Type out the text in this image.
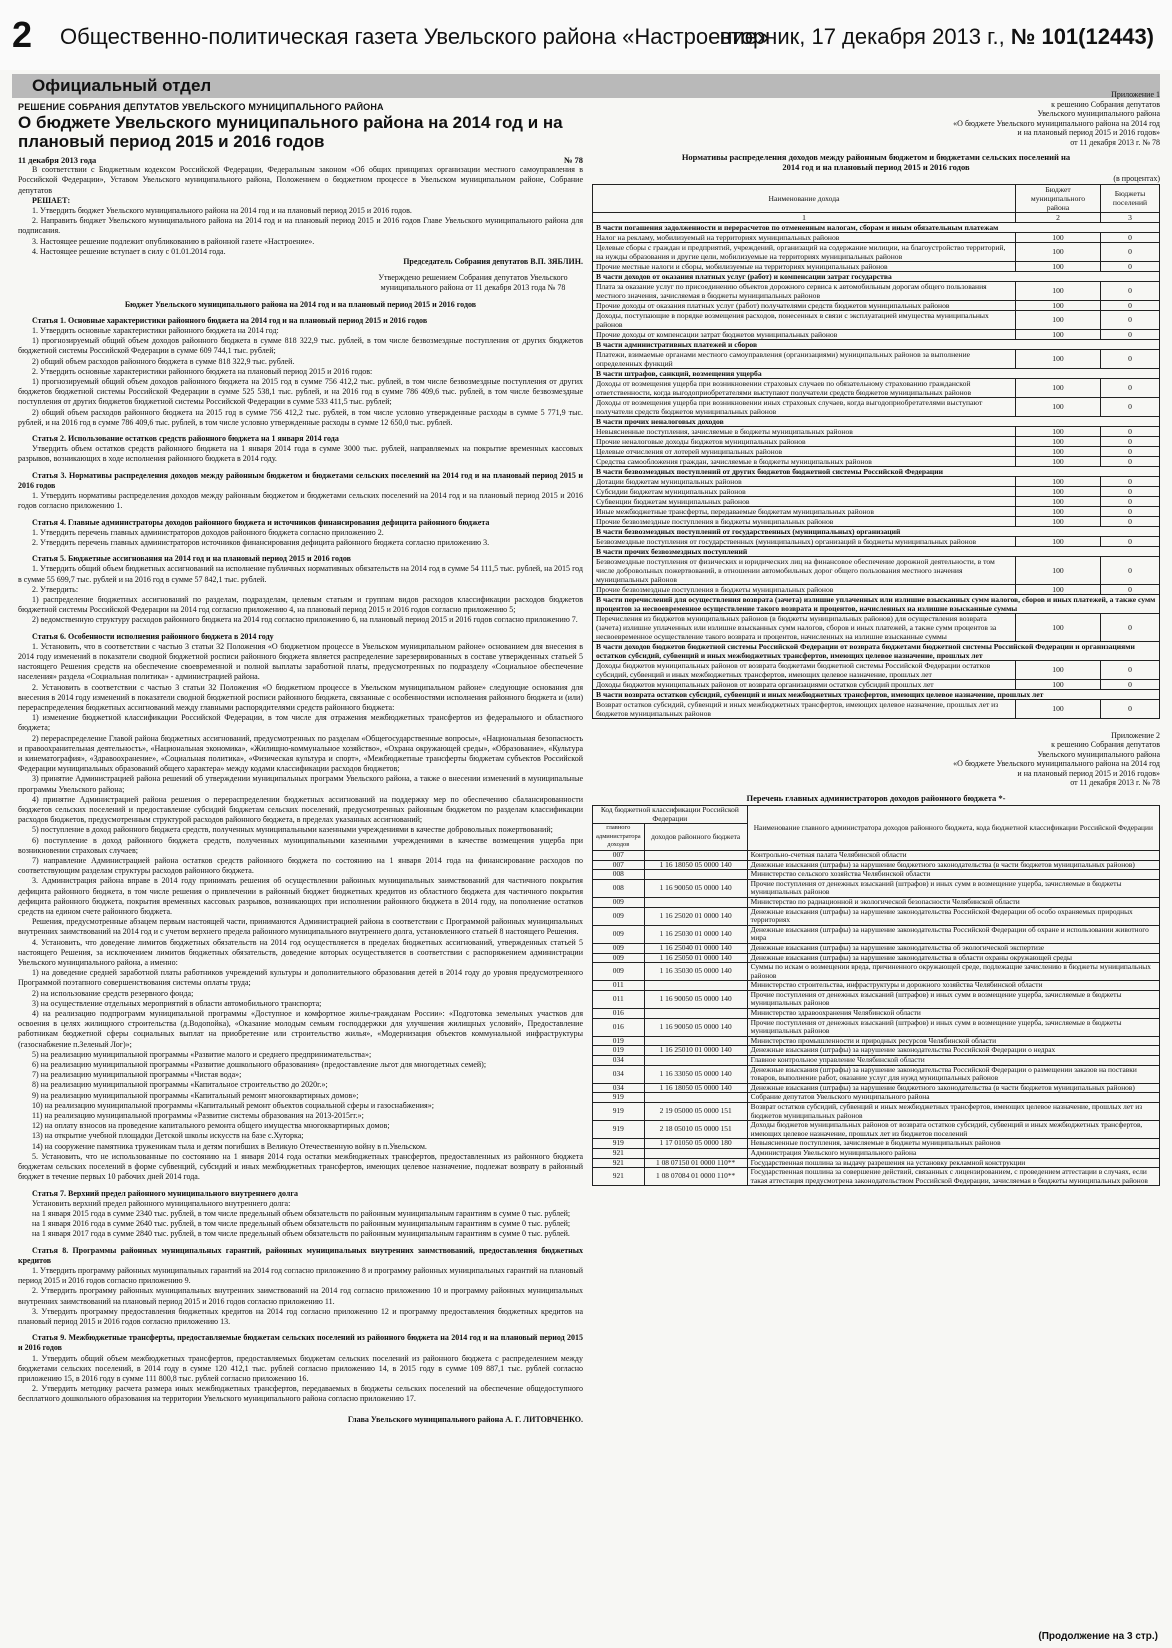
2 Общественно-политическая газета Увельского района «Настроение»
вторник, 17 декабря 2013 г., № 101(12443)
Официальный отдел
РЕШЕНИЕ СОБРАНИЯ ДЕПУТАТОВ УВЕЛЬСКОГО МУНИЦИПАЛЬНОГО РАЙОНА
О бюджете Увельского муниципального района на 2014 год и на плановый период 2015 и 2016 годов
11 декабря 2013 года	№ 78

В соответствии с Бюджетным кодексом Российской Федерации, Федеральным законом «Об общих принципах организации местного самоуправления в Российской Федерации», Уставом Увельского муниципального района, Положением о бюджетном процессе в Увельском муниципальном районе, Собрание депутатов

РЕШАЕТ:

1. Утвердить бюджет Увельского муниципального района на 2014 год и на плановый период 2015 и 2016 годов.

2. Направить бюджет Увельского муниципального района на 2014 год и на плановый период 2015 и 2016 годов Главе Увельского муниципального района для подписания.

3. Настоящее решение подлежит опубликованию в районной газете «Настроение».

4. Настоящее решение вступает в силу с 01.01.2014 года.

Председатель Собрания депутатов В.П. ЗЯБЛИН.
Утверждено решением Собрания депутатов Увельского муниципального района от 11 декабря 2013 года № 78
Бюджет Увельского муниципального района на 2014 год и на плановый период 2015 и 2016 годов

Статья 1. Основные характеристики районного бюджета на 2014 год и на плановый период 2015 и 2016 годов

1. Утвердить основные характеристики районного бюджета на 2014 год:

1) прогнозируемый общий объем доходов районного бюджета в сумме 818 322,9 тыс. рублей, в том числе безвозмездные поступления от других бюджетов бюджетной системы Российской Федерации в сумме 609 744,1 тыс. рублей;

2) общий объем расходов районного бюджета в сумме 818 322,9 тыс. рублей.

2. Утвердить основные характеристики районного бюджета на плановый период 2015 и 2016 годов:

1) прогнозируемый общий объем доходов районного бюджета на 2015 год в сумме 756 412,2 тыс. рублей, в том числе безвозмездные поступления от других бюджетов бюджетной системы Российской Федерации в сумме 525 538,1 тыс. рублей, и на 2016 год в сумме 786 409,6 тыс. рублей, в том числе безвозмездные поступления от других бюджетов бюджетной системы Российской Федерации в сумме 533 411,5 тыс. рублей;

2) общий объем расходов районного бюджета на 2015 год в сумме 756 412,2 тыс. рублей, в том числе условно утвержденные расходы в сумме 5 771,9 тыс. рублей, и на 2016 год в сумме 786 409,6 тыс. рублей, в том числе условно утвержденные расходы в сумме 12 650,0 тыс. рублей.

Статья 2. Использование остатков средств районного бюджета на 1 января 2014 года

Утвердить объем остатков средств районного бюджета на 1 января 2014 года в сумме 3000 тыс. рублей, направляемых на покрытие временных кассовых разрывов, возникающих в ходе исполнения районного бюджета в 2014 году.

Статья 3. Нормативы распределения доходов между районным бюджетом и бюджетами сельских поселений на 2014 год и на плановый период 2015 и 2016 годов

1. Утвердить нормативы распределения доходов между районным бюджетом и бюджетами сельских поселений на 2014 год и на плановый период 2015 и 2016 годов согласно приложению 1.

Статья 4. Главные администраторы доходов районного бюджета и источников финансирования дефицита районного бюджета

1. Утвердить перечень главных администраторов доходов районного бюджета согласно приложению 2.

2. Утвердить перечень главных администраторов источников финансирования дефицита районного бюджета согласно приложению 3.

Статья 5. Бюджетные ассигнования на 2014 год и на плановый период 2015 и 2016 годов

1. Утвердить общий объем бюджетных ассигнований на исполнение публичных нормативных обязательств на 2014 год в сумме 54 111,5 тыс. рублей, на 2015 год в сумме 55 699,7 тыс. рублей и на 2016 год в сумме 57 842,1 тыс. рублей.

2. Утвердить:

1) распределение бюджетных ассигнований по разделам, подразделам, целевым статьям и группам видов расходов классификации расходов бюджетов бюджетной системы Российской Федерации на 2014 год согласно приложению 4, на плановый период 2015 и 2016 годов согласно приложению 5;

2) ведомственную структуру расходов районного бюджета на 2014 год согласно приложению 6, на плановый период 2015 и 2016 годов согласно приложению 7.

Статья 6. Особенности исполнения районного бюджета в 2014 году

1. Установить, что в соответствии с частью 3 статьи 32 Положения «О бюджетном процессе в Увельском муниципальном районе» основанием для внесения в 2014 году изменений в показатели сводной бюджетной росписи районного бюджета является распределение зарезервированных в составе утвержденных статьей 5 настоящего Решения средств на обеспечение своевременной и полной выплаты заработной платы, предусмотренных по подразделу «Социальное обеспечение населения» раздела «Социальная политика» - администрацией района.

2. Установить в соответствии с частью 3 статьи 32 Положения «О бюджетном процессе в Увельском муниципальном районе» следующие основания для внесения в 2014 году изменений в показатели сводной бюджетной росписи районного бюджета, связанные с особенностями исполнения районного бюджета и (или) перераспределения бюджетных ассигнований между главными распорядителями средств районного бюджета:

1) изменение бюджетной классификации Российской Федерации, в том числе для отражения межбюджетных трансфертов из федерального и областного бюджета;

2) перераспределение Главой района бюджетных ассигнований, предусмотренных по разделам «Общегосударственные вопросы», «Национальная безопасность и правоохранительная деятельность», «Национальная экономика», «Жилищно-коммунальное хозяйство», «Охрана окружающей среды», «Образование», «Культура и кинематография», «Здравоохранение», «Социальная политика», «Физическая культура и спорт», «Межбюджетные трансферты бюджетам субъектов Российской Федерации муниципальных образований общего характера» между кодами классификации расходов бюджетов;

3) принятие Администрацией района решений об утверждении муниципальных программ Увельского района, а также о внесении изменений в муниципальные программы Увельского района;

4) принятие Администрацией района решения о перераспределении бюджетных ассигнований на поддержку мер по обеспечению сбалансированности бюджетов сельских поселений и предоставление субсидий бюджетам сельских поселений, предусмотренных районным бюджетом по разделам классификации расходов бюджетов, предусмотренным структурой расходов районного бюджета, в пределах указанных ассигнований;

5) поступление в доход районного бюджета средств, полученных муниципальными казенными учреждениями в качестве добровольных пожертвований;

6) поступление в доход районного бюджета средств, полученных муниципальными казенными учреждениями в качестве возмещения ущерба при возникновении страховых случаев;

7) направление Администрацией района остатков средств районного бюджета по состоянию на 1 января 2014 года на финансирование расходов по соответствующим разделам структуры расходов районного бюджета.

3. Администрация района вправе в 2014 году принимать решения об осуществлении районных муниципальных заимствований для частичного покрытия дефицита районного бюджета, в том числе решения о привлечении в районный бюджет бюджетных кредитов из областного бюджета для частичного покрытия дефицита районного бюджета, покрытия временных кассовых разрывов, возникающих при исполнении районного бюджета в 2014 году, на пополнение остатков средств на едином счете районного бюджета.

Решения, предусмотренные абзацем первым настоящей части, принимаются Администрацией района в соответствии с Программой районных муниципальных внутренних заимствований на 2014 год и с учетом верхнего предела районного муниципального внутреннего долга, установленного статьей 8 настоящего Решения.

4. Установить, что доведение лимитов бюджетных обязательств на 2014 год осуществляется в пределах бюджетных ассигнований, утвержденных статьей 5 настоящего Решения, за исключением лимитов бюджетных обязательств, доведение которых осуществляется в соответствии с распоряжением администрации Увельского муниципального района, а именно:

1) на доведение средней заработной платы работников учреждений культуры и дополнительного образования детей в 2014 году до уровня предусмотренного Программой поэтапного совершенствования системы оплаты труда;

2) на использование средств резервного фонда;

3) на осуществление отдельных мероприятий в области автомобильного транспорта;

4) на реализацию подпрограмм муниципальной программы «Доступное и комфортное жилье-гражданам России»: «Подготовка земельных участков для освоения в целях жилищного строительства (д.Водопойка), «Оказание молодым семьям господдержки для улучшения жилищных условий», Предоставление работникам бюджетной сферы социальных выплат на приобретение или строительство жилья», «Модернизация объектов коммунальной инфраструктуры (газоснабжение п.Зеленый Лог)»;

5) на реализацию муниципальной программы «Развитие малого и среднего предпринимательства»;

6) на реализацию муниципальной программы «Развитие дошкольного образования» (предоставление льгот для многодетных семей);

7) на реализацию муниципальной программы «Чистая вода»;

8) на реализацию муниципальной программы «Капитальное строительство до 2020г.»;

9) на реализацию муниципальной программы «Капитальный ремонт многоквартирных домов»;

10) на реализацию муниципальной программы «Капитальный ремонт объектов социальной сферы и газоснабжения»;

11) на реализацию муниципальной программы «Развитие системы образования на 2013-2015гг.»;

12) на оплату взносов на проведение капитального ремонта общего имущества многоквартирных домов;

13) на открытие учебной площадки Детской школы искусств на базе с.Хуторка;

14) на сооружение памятника труженикам тыла и детям погибших в Великую Отечественную войну в п.Увельском.

5. Установить, что не использованные по состоянию на 1 января 2014 года остатки межбюджетных трансфертов, предоставленных из районного бюджета бюджетам сельских поселений в форме субвенций, субсидий и иных межбюджетных трансфертов, имеющих целевое назначение, подлежат возврату в районный бюджет в течение первых 10 рабочих дней 2014 года.

Статья 7. Верхний предел районного муниципального внутреннего долга

Установить верхний предел районного муниципального внутреннего долга:

на 1 января 2015 года в сумме 2340 тыс. рублей, в том числе предельный объем обязательств по районным муниципальным гарантиям в сумме 0 тыс. рублей;

на 1 января 2016 года в сумме 2640 тыс. рублей, в том числе предельный объем обязательств по районным муниципальным гарантиям в сумме 0 тыс. рублей;

на 1 января 2017 года в сумме 2840 тыс. рублей, в том числе предельный объем обязательств по районным муниципальным гарантиям в сумме 0 тыс. рублей.

Статья 8. Программы районных муниципальных гарантий, районных муниципальных внутренних заимствований, предоставления бюджетных кредитов

1. Утвердить программу районных муниципальных гарантий на 2014 год согласно приложению 8 и программу районных муниципальных гарантий на плановый период 2015 и 2016 годов согласно приложению 9.

2. Утвердить программу районных муниципальных внутренних заимствований на 2014 год согласно приложению 10 и программу районных муниципальных внутренних заимствований на плановый период 2015 и 2016 годов согласно приложению 11.

3. Утвердить программу предоставления бюджетных кредитов на 2014 год согласно приложению 12 и программу предоставления бюджетных кредитов на плановый период 2015 и 2016 годов согласно приложению 13.

Статья 9. Межбюджетные трансферты, предоставляемые бюджетам сельских поселений из районного бюджета на 2014 год и на плановый период 2015 и 2016 годов

1. Утвердить общий объем межбюджетных трансфертов, предоставляемых бюджетам сельских поселений из районного бюджета с распределением между бюджетами сельских поселений, в 2014 году в сумме 120 412,1 тыс. рублей согласно приложению 14, в 2015 году в сумме 109 887,1 тыс. рублей согласно приложению 15, в 2016 году в сумме 111 800,8 тыс. рублей согласно приложению 16.

2. Утвердить методику расчета размера иных межбюджетных трансфертов, передаваемых в бюджеты сельских поселений на обеспечение общедоступного бесплатного дошкольного образования на территории Увельского муниципального района согласно приложению 17.

Глава Увельского муниципального района А. Г. ЛИТОВЧЕНКО.
Приложение 1
к решению Собрания депутатов
Увельского муниципального района
«О бюджете Увельского муниципального района на 2014 год
и на плановый период 2015 и 2016 годов»
от 11 декабря 2013 г. № 78
Нормативы распределения доходов между районным бюджетом и бюджетами сельских поселений на 2014 год и на плановый период 2015 и 2016 годов
(в процентах)
Наименование дохода	Бюджет муниципального района	Бюджеты поселений
1	2	3
В части погашения задолженности и перерасчетов по отмененным налогам, сборам и иным обязательным платежам		
Налог на рекламу, мобилизуемый на территориях муниципальных районов	100	0
Целевые сборы с граждан и предприятий, учреждений, организаций на содержание милиции, на благоустройство территорий, на нужды образования и другие цели, мобилизуемые на территориях муниципальных районов	100	0
Прочие местные налоги и сборы, мобилизуемые на территориях муниципальных районов	100	0
В части доходов от оказания платных услуг (работ) и компенсации затрат государства		
Плата за оказание услуг по присоединению объектов дорожного сервиса к автомобильным дорогам общего пользования местного значения, зачисляемая в бюджеты муниципальных районов	100	0
Прочие доходы от оказания платных услуг (работ) получателями средств бюджетов муниципальных районов	100	0
Доходы, поступающие в порядке возмещения расходов, понесенных в связи с эксплуатацией имущества муниципальных районов	100	0
Прочие доходы от компенсации затрат бюджетов муниципальных районов	100	0
В части административных платежей и сборов		
Платежи, взимаемые органами местного самоуправления (организациями) муниципальных районов за выполнение определенных функций	100	0
В части штрафов, санкций, возмещения ущерба		
Доходы от возмещения ущерба при возникновении страховых случаев по обязательному страхованию гражданской ответственности, когда выгодоприобретателями выступают получатели средств бюджетов муниципальных районов	100	0
Доходы от возмещения ущерба при возникновении иных страховых случаев, когда выгодоприобретателями выступают получатели средств бюджетов муниципальных районов	100	0
В части прочих неналоговых доходов		
Невыясненные поступления, зачисляемые в бюджеты муниципальных районов	100	0
Прочие неналоговые доходы бюджетов муниципальных районов	100	0
Целевые отчисления от лотерей муниципальных районов	100	0
Средства самообложения граждан, зачисляемые в бюджеты муниципальных районов	100	0
В части безвозмездных поступлений от других бюджетов бюджетной системы Российской Федерации		
Дотации бюджетам муниципальных районов	100	0
Субсидии бюджетам муниципальных районов	100	0
Субвенции бюджетам муниципальных районов	100	0
Иные межбюджетные трансферты, передаваемые бюджетам муниципальных районов	100	0
Прочие безвозмездные поступления в бюджеты муниципальных районов	100	0
В части безвозмездных поступлений от государственных (муниципальных) организаций		
Безвозмездные поступления от государственных (муниципальных) организаций в бюджеты муниципальных районов	100	0
В части прочих безвозмездных поступлений		
Безвозмездные поступления от физических и юридических лиц на финансовое обеспечение дорожной деятельности, в том числе добровольных пожертвований, в отношении автомобильных дорог общего пользования местного значения муниципальных районов	100	0
Прочие безвозмездные поступления в бюджеты муниципальных районов	100	0
В части перечислений для осуществления возврата (зачета) излишне уплаченных или излишне взысканных сумм налогов, сборов и иных платежей, а также сумм процентов за несвоевременное осуществление такого возврата и процентов, начисленных на излишне взысканные суммы		
Перечисления из бюджетов муниципальных районов (в бюджеты муниципальных районов) для осуществления возврата (зачета) излишне уплаченных или излишне взысканных сумм налогов, сборов и иных платежей, а также сумм процентов за несвоевременное осуществление такого возврата и процентов, начисленных на излишне взысканные суммы	100	0
В части доходов бюджетов бюджетной системы Российской Федерации от возврата бюджетами бюджетной системы Российской Федерации и организациями остатков субсидий, субвенций и иных межбюджетных трансфертов, имеющих целевое назначение, прошлых лет		
Доходы бюджетов муниципальных районов от возврата бюджетами бюджетной системы Российской Федерации остатков субсидий, субвенций и иных межбюджетных трансфертов, имеющих целевое назначение, прошлых лет	100	0
Доходы бюджетов муниципальных районов от возврата организациями остатков субсидий прошлых лет	100	0
В части возврата остатков субсидий, субвенций и иных межбюджетных трансфертов, имеющих целевое назначение, прошлых лет		
Возврат остатков субсидий, субвенций и иных межбюджетных трансфертов, имеющих целевое назначение, прошлых лет из бюджетов муниципальных районов	100	0
Приложение 2
к решению Собрания депутатов
Увельского муниципального района
«О бюджете Увельского муниципального района на 2014 год
и на плановый период 2015 и 2016 годов»
от 11 декабря 2013 г. № 78
Перечень главных администраторов доходов районного бюджета *-
Код бюджетной классификации Российской Федерации		Наименование главного администратора доходов районного бюджета, кода бюджетной классификации Российской Федерации
главного администратора доходов	доходов районного бюджета	
007		Контрольно-счетная палата Челябинской области
007	1 16 18050 05 0000 140	Денежные взыскания (штрафы) за нарушение бюджетного законодательства (в части бюджетов муниципальных районов)
008		Министерство сельского хозяйства Челябинской области
008	1 16 90050 05 0000 140	Прочие поступления от денежных взысканий (штрафов) и иных сумм в возмещение ущерба, зачисляемые в бюджеты муниципальных районов
009		Министерство по радиационной и экологической безопасности Челябинской области
009	1 16 25020 01 0000 140	Денежные взыскания (штрафы) за нарушение законодательства Российской Федерации об особо охраняемых природных территориях
009	1 16 25030 01 0000 140	Денежные взыскания (штрафы) за нарушение законодательства Российской Федерации об охране и использовании животного мира
009	1 16 25040 01 0000 140	Денежные взыскания (штрафы) за нарушение законодательства об экологической экспертизе
009	1 16 25050 01 0000 140	Денежные взыскания (штрафы) за нарушение законодательства в области охраны окружающей среды
009	1 16 35030 05 0000 140	Суммы по искам о возмещении вреда, причиненного окружающей среде, подлежащие зачислению в бюджеты муниципальных районов
011		Министерство строительства, инфраструктуры и дорожного хозяйства Челябинской области
011	1 16 90050 05 0000 140	Прочие поступления от денежных взысканий (штрафов) и иных сумм в возмещение ущерба, зачисляемые в бюджеты муниципальных районов
016		Министерство здравоохранения Челябинской области
016	1 16 90050 05 0000 140	Прочие поступления от денежных взысканий (штрафов) и иных сумм в возмещение ущерба, зачисляемые в бюджеты муниципальных районов
019		Министерство промышленности и природных ресурсов Челябинской области
019	1 16 25010 01 0000 140	Денежные взыскания (штрафы) за нарушение законодательства Российской Федерации о недрах
034		Главное контрольное управление Челябинской области
034	1 16 33050 05 0000 140	Денежные взыскания (штрафы) за нарушение законодательства Российской Федерации о размещении заказов на поставки товаров, выполнение работ, оказание услуг для нужд муниципальных районов
034	1 16 18050 05 0000 140	Денежные взыскания (штрафы) за нарушение бюджетного законодательства (в части бюджетов муниципальных районов)
919		Собрание депутатов Увельского муниципального района
919	2 19 05000 05 0000 151	Возврат остатков субсидий, субвенций и иных межбюджетных трансфертов, имеющих целевое назначение, прошлых лет из бюджетов муниципальных районов
919	2 18 05010 05 0000 151	Доходы бюджетов муниципальных районов от возврата остатков субсидий, субвенций и иных межбюджетных трансфертов, имеющих целевое назначение, прошлых лет из бюджетов поселений
919	1 17 01050 05 0000 180	Невыясненные поступления, зачисляемые в бюджеты муниципальных районов
921		Администрация Увельского муниципального района
921	1 08 07150 01 0000 110**	Государственная пошлина за выдачу разрешения на установку рекламной конструкции
921	1 08 07084 01 0000 110**	Государственная пошлина за совершение действий, связанных с лицензированием, с проведением аттестации в случаях, если такая аттестация предусмотрена законодательством Российской Федерации, зачисляемая в бюджеты муниципальных районов
(Продолжение на 3 стр.)
